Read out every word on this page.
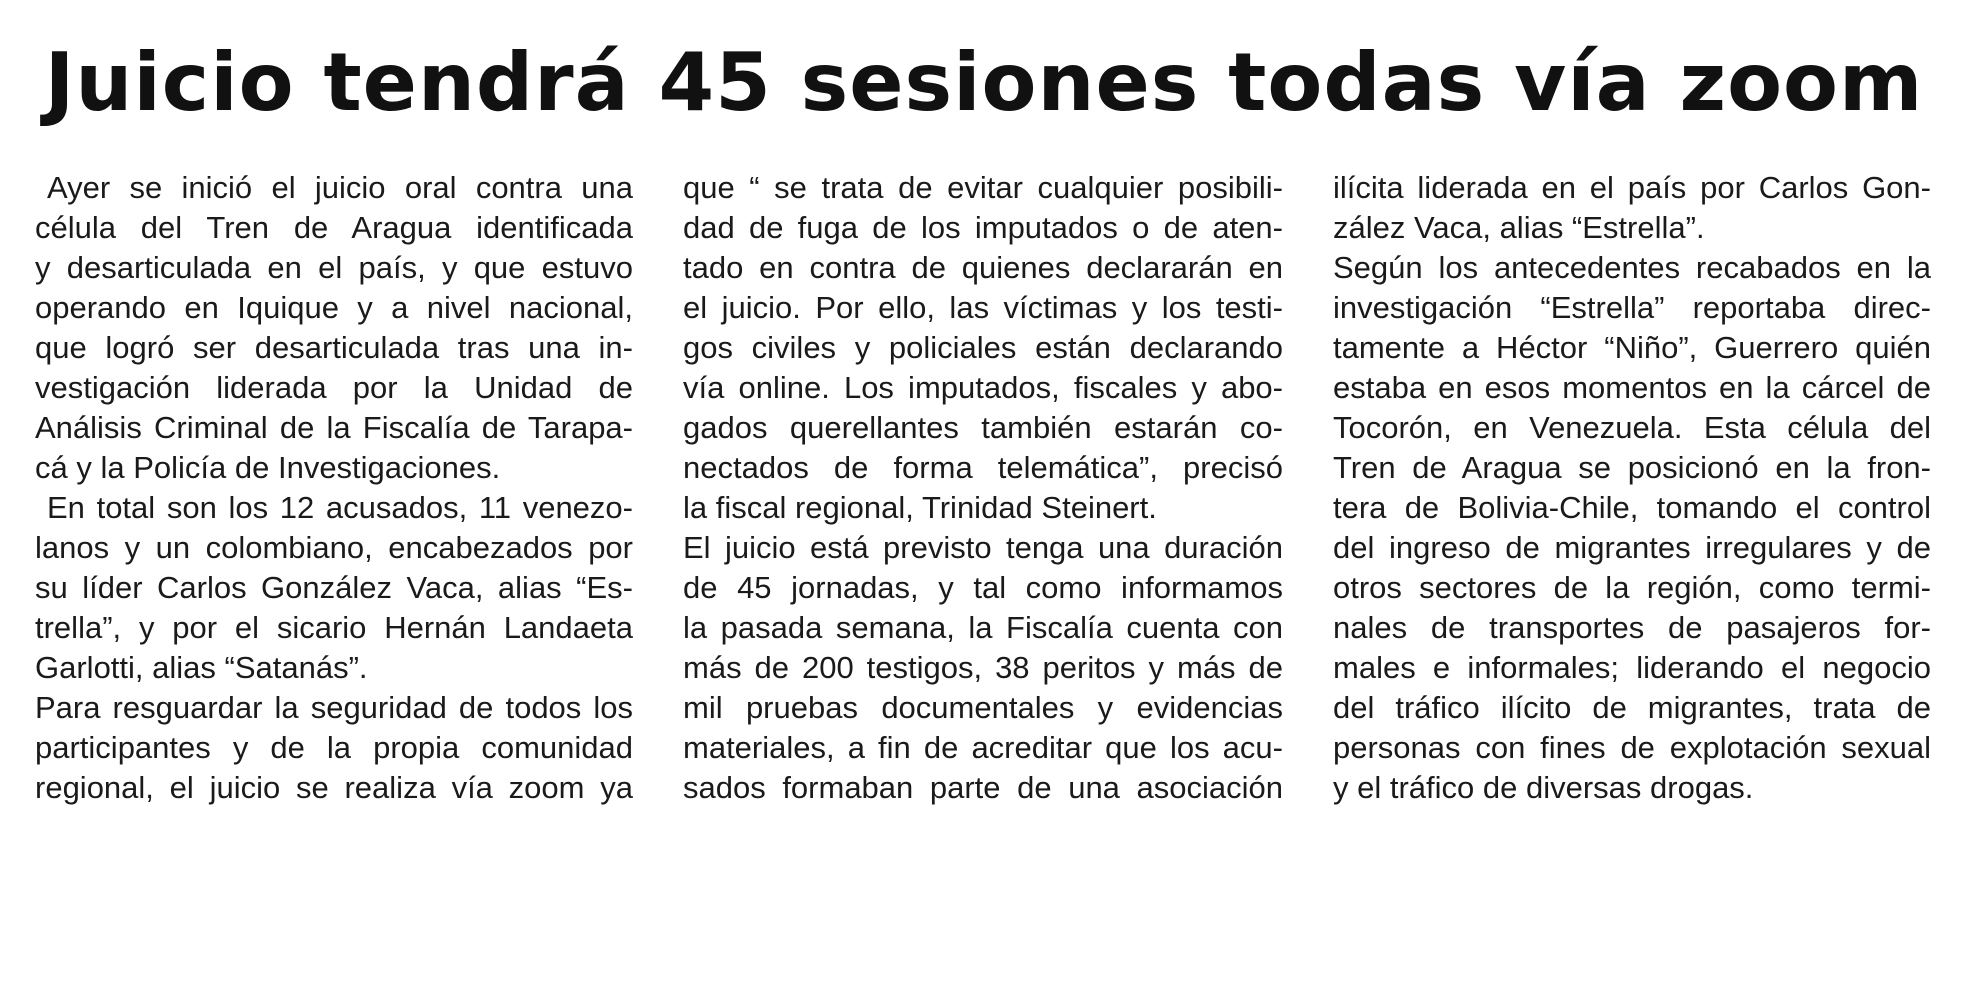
Juicio tendrá 45 sesiones todas vía zoom
Ayer se inició el juicio oral contra una
célula del Tren de Aragua identificada
y desarticulada en el país, y que estuvo
operando en Iquique y a nivel nacional,
que logró ser desarticulada tras una in-
vestigación liderada por la Unidad de
Análisis Criminal de la Fiscalía de Tarapa-
cá y la Policía de Investigaciones.
En total son los 12 acusados, 11 venezo-
lanos y un colombiano, encabezados por
su líder Carlos González Vaca, alias “Es-
trella”, y por el sicario Hernán Landaeta
Garlotti, alias “Satanás”.
Para resguardar la seguridad de todos los
participantes y de la propia comunidad
regional, el juicio se realiza vía zoom ya
que “ se trata de evitar cualquier posibili-
dad de fuga de los imputados o de aten-
tado en contra de quienes declararán en
el juicio. Por ello, las víctimas y los testi-
gos civiles y policiales están declarando
vía online. Los imputados, fiscales y abo-
gados querellantes también estarán co-
nectados de forma telemática”, precisó
la fiscal regional, Trinidad Steinert.
El juicio está previsto tenga una duración
de 45 jornadas, y tal como informamos
la pasada semana, la Fiscalía cuenta con
más de 200 testigos, 38 peritos y más de
mil pruebas documentales y evidencias
materiales, a fin de acreditar que los acu-
sados formaban parte de una asociación
ilícita liderada en el país por Carlos Gon-
zález Vaca, alias “Estrella”.
Según los antecedentes recabados en la
investigación “Estrella” reportaba direc-
tamente a Héctor “Niño”, Guerrero quién
estaba en esos momentos en la cárcel de
Tocorón, en Venezuela. Esta célula del
Tren de Aragua se posicionó en la fron-
tera de Bolivia-Chile, tomando el control
del ingreso de migrantes irregulares y de
otros sectores de la región, como termi-
nales de transportes de pasajeros for-
males e informales; liderando el negocio
del tráfico ilícito de migrantes, trata de
personas con fines de explotación sexual
y el tráfico de diversas drogas.
